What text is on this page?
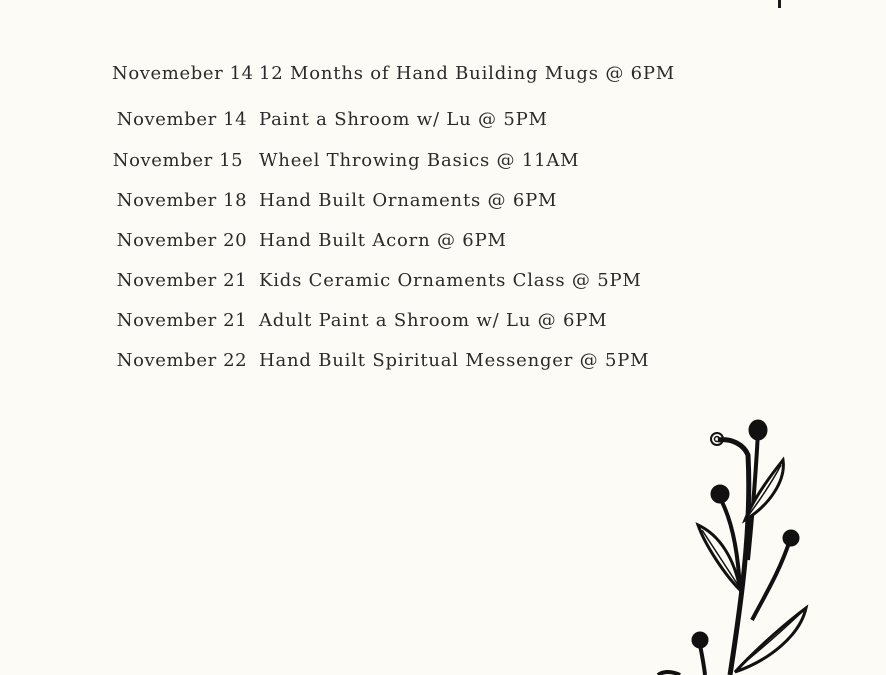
Novemeber 14 12 Months of Hand Building Mugs @ 6PM
November 14 Paint a Shroom w/ Lu @ 5PM
November 15 Wheel Throwing Basics @ 11AM
November 18 Hand Built Ornaments @ 6PM
November 20 Hand Built Acorn @ 6PM
November 21 Kids Ceramic Ornaments Class @ 5PM
November 21 Adult Paint a Shroom w/ Lu @ 6PM
November 22 Hand Built Spiritual Messenger @ 5PM
